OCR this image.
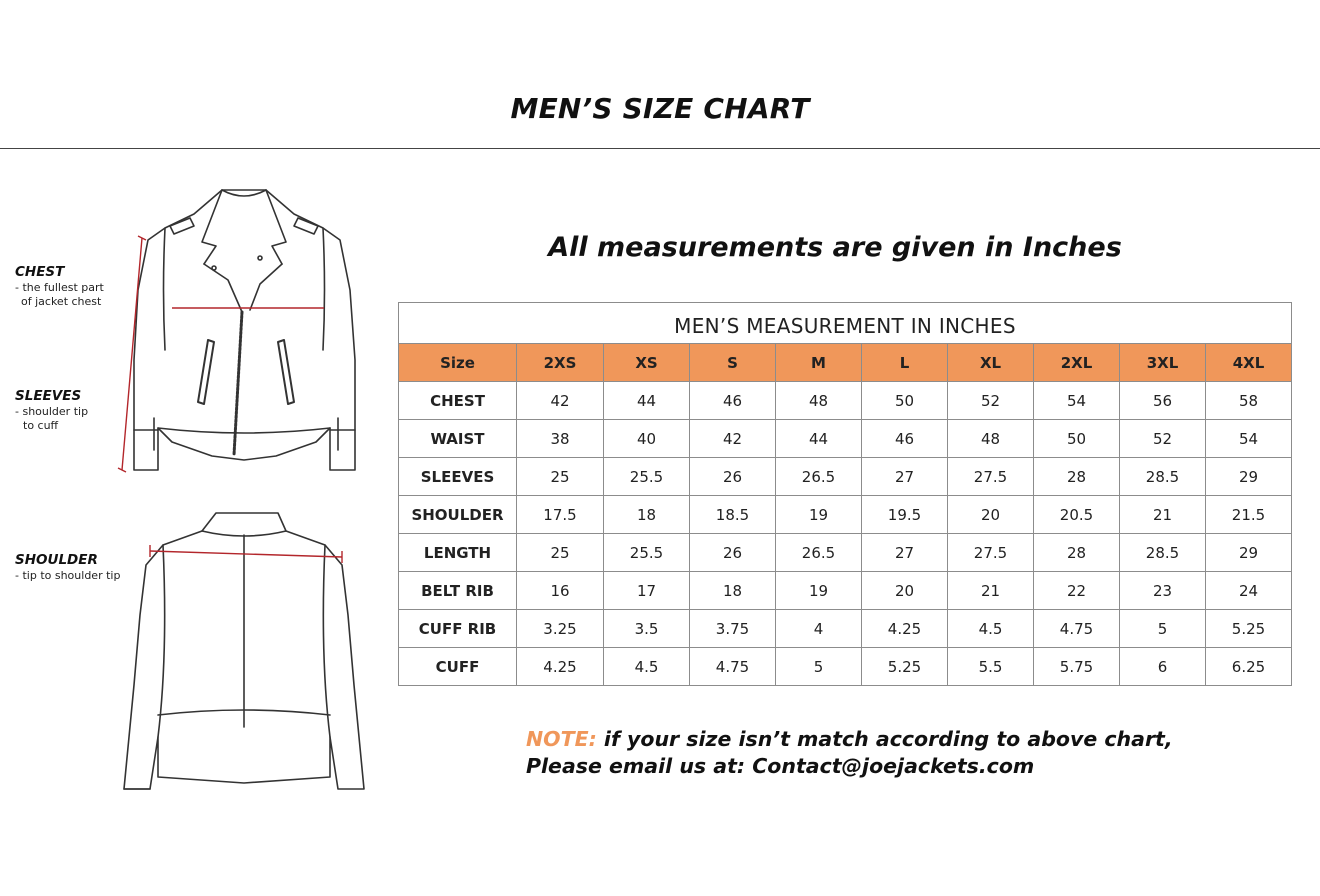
MEN’S SIZE CHART
CHEST
- the fullest part
of jacket chest
SLEEVES
- shoulder tip
to cuff
SHOULDER
- tip to shoulder tip
All measurements are given in Inches
MEN’S MEASUREMENT IN INCHES									
Size	2XS	XS	S	M	L	XL	2XL	3XL	4XL
CHEST	42	44	46	48	50	52	54	56	58
WAIST	38	40	42	44	46	48	50	52	54
SLEEVES	25	25.5	26	26.5	27	27.5	28	28.5	29
SHOULDER	17.5	18	18.5	19	19.5	20	20.5	21	21.5
LENGTH	25	25.5	26	26.5	27	27.5	28	28.5	29
BELT RIB	16	17	18	19	20	21	22	23	24
CUFF RIB	3.25	3.5	3.75	4	4.25	4.5	4.75	5	5.25
CUFF	4.25	4.5	4.75	5	5.25	5.5	5.75	6	6.25
NOTE: if your size isn’t match according to above chart,
Please email us at: Contact@joejackets.com
